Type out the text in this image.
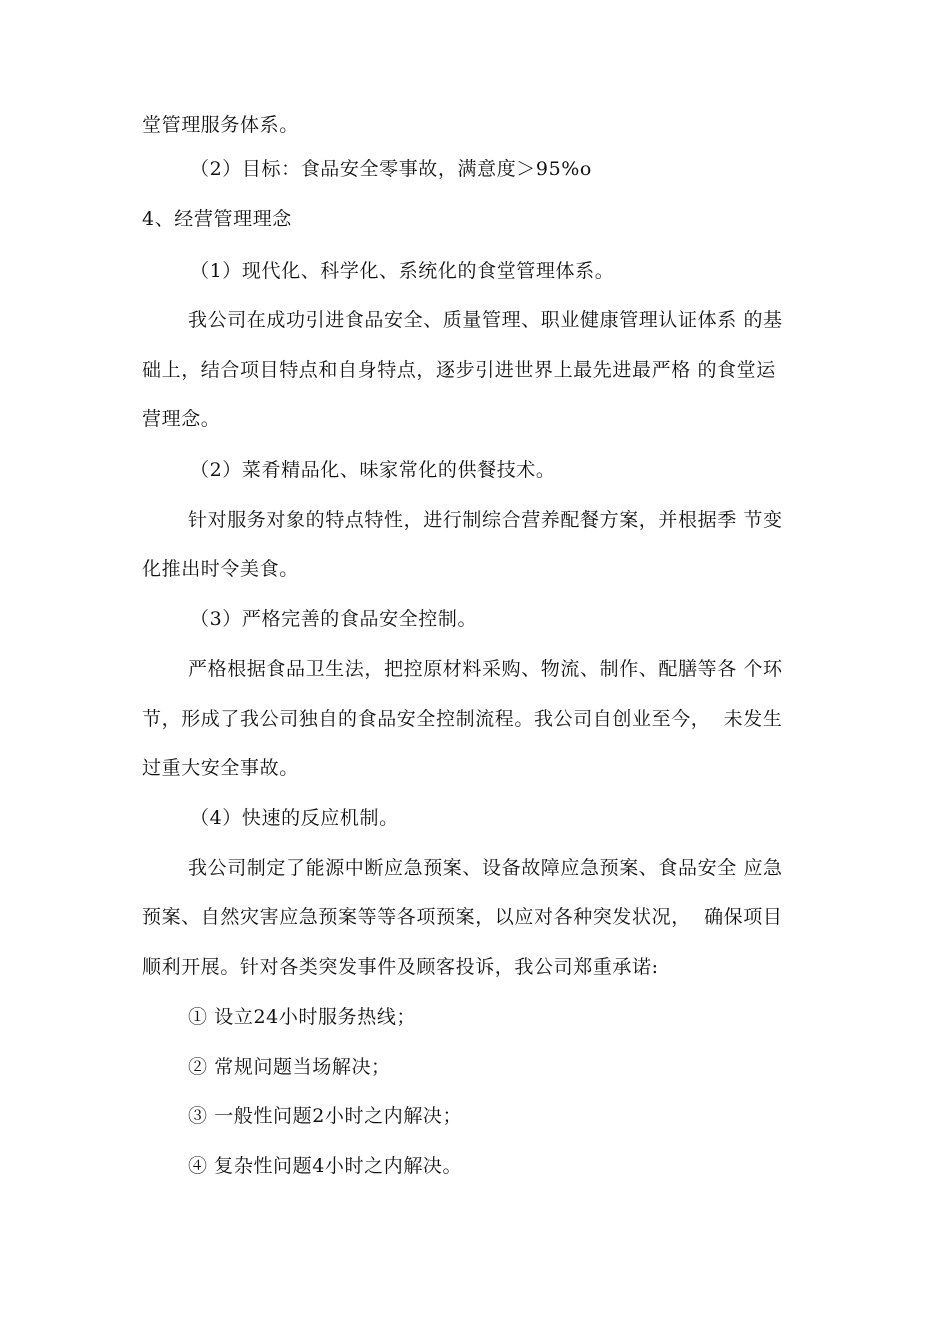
堂管理服务体系。
（2）目标：食品安全零事故，满意度＞95%o
4、经营管理理念
（1）现代化、科学化、系统化的食堂管理体系。
我公司在成功引进食品安全、质量管理、职业健康管理认证体系 的基
础上，结合项目特点和自身特点，逐步引进世界上最先进最严格 的食堂运
营理念。
（2）菜肴精品化、味家常化的供餐技术。
针对服务对象的特点特性，进行制综合营养配餐方案，并根据季 节变
化推出时令美食。
（3）严格完善的食品安全控制。
严格根据食品卫生法，把控原材料采购、物流、制作、配膳等各 个环
节，形成了我公司独自的食品安全控制流程。我公司自创业至今，  未发生
过重大安全事故。
（4）快速的反应机制。
我公司制定了能源中断应急预案、设备故障应急预案、食品安全 应急
预案、自然灾害应急预案等等各项预案，以应对各种突发状况，  确保项目
顺利开展。针对各类突发事件及顾客投诉，我公司郑重承诺:
① 设立24小时服务热线；
② 常规问题当场解决；
③ 一般性问题2小时之内解决；
④ 复杂性问题4小时之内解决。
